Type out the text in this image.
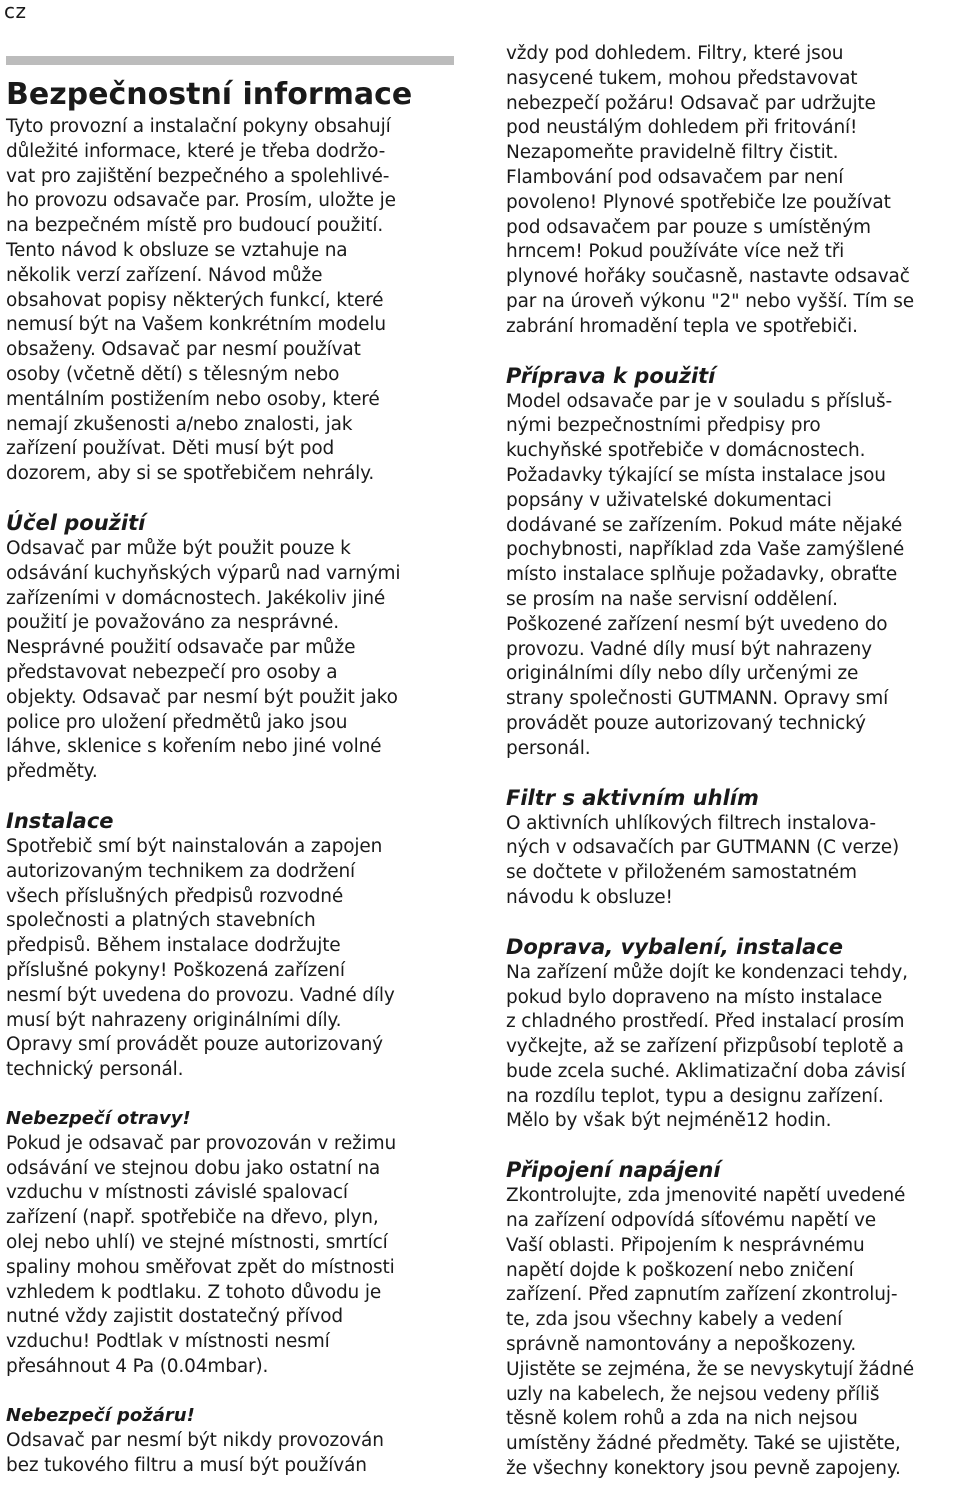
cz
Bezpečnostní informace

Tyto provozní a instalační pokyny obsahují
důležité informace, které je třeba dodržo-
vat pro zajištění bezpečného a spolehlivé-
ho provozu odsavače par. Prosím, uložte je
na bezpečném místě pro budoucí použití.
Tento návod k obsluze se vztahuje na
několik verzí zařízení. Návod může
obsahovat popisy některých funkcí, které
nemusí být na Vašem konkrétním modelu
obsaženy. Odsavač par nesmí používat
osoby (včetně dětí) s tělesným nebo
mentálním postižením nebo osoby, které
nemají zkušenosti a/nebo znalosti, jak
zařízení používat. Děti musí být pod
dozorem, aby si se spotřebičem nehrály.

Účel použití

Odsavač par může být použit pouze k
odsávání kuchyňských výparů nad varnými
zařízeními v domácnostech. Jakékoliv jiné
použití je považováno za nesprávné.
Nesprávné použití odsavače par může
představovat nebezpečí pro osoby a
objekty. Odsavač par nesmí být použit jako
police pro uložení předmětů jako jsou
láhve, sklenice s kořením nebo jiné volné
předměty.

Instalace

Spotřebič smí být nainstalován a zapojen
autorizovaným technikem za dodržení
všech příslušných předpisů rozvodné
společnosti a platných stavebních
předpisů. Během instalace dodržujte
příslušné pokyny! Poškozená zařízení
nesmí být uvedena do provozu. Vadné díly
musí být nahrazeny originálními díly.
Opravy smí provádět pouze autorizovaný
technický personál.

Nebezpečí otravy!

Pokud je odsavač par provozován v režimu
odsávání ve stejnou dobu jako ostatní na
vzduchu v místnosti závislé spalovací
zařízení (např. spotřebiče na dřevo, plyn,
olej nebo uhlí) ve stejné místnosti, smrtící
spaliny mohou směřovat zpět do místnosti
vzhledem k podtlaku. Z tohoto důvodu je
nutné vždy zajistit dostatečný přívod
vzduchu! Podtlak v místnosti nesmí
přesáhnout 4 Pa (0.04mbar).

Nebezpečí požáru!

Odsavač par nesmí být nikdy provozován
bez tukového filtru a musí být používán

vždy pod dohledem. Filtry, které jsou
nasycené tukem, mohou představovat
nebezpečí požáru! Odsavač par udržujte
pod neustálým dohledem při fritování!
Nezapomeňte pravidelně filtry čistit.
Flambování pod odsavačem par není
povoleno! Plynové spotřebiče lze používat
pod odsavačem par pouze s umístěným
hrncem! Pokud používáte více než tři
plynové hořáky současně, nastavte odsavač
par na úroveň výkonu "2" nebo vyšší. Tím se
zabrání hromadění tepla ve spotřebiči.

Příprava k použití

Model odsavače par je v souladu s přísluš-
nými bezpečnostními předpisy pro
kuchyňské spotřebiče v domácnostech.
Požadavky týkající se místa instalace jsou
popsány v uživatelské dokumentaci
dodávané se zařízením. Pokud máte nějaké
pochybnosti, například zda Vaše zamýšlené
místo instalace splňuje požadavky, obraťte
se prosím na naše servisní oddělení.
Poškozené zařízení nesmí být uvedeno do
provozu. Vadné díly musí být nahrazeny
originálními díly nebo díly určenými ze
strany společnosti GUTMANN. Opravy smí
provádět pouze autorizovaný technický
personál.

Filtr s aktivním uhlím

O aktivních uhlíkových filtrech instalova-
ných v odsavačích par GUTMANN (C verze)
se dočtete v přiloženém samostatném
návodu k obsluze!

Doprava, vybalení, instalace

Na zařízení může dojít ke kondenzaci tehdy,
pokud bylo dopraveno na místo instalace
z chladného prostředí. Před instalací prosím
vyčkejte, až se zařízení přizpůsobí teplotě a
bude zcela suché. Aklimatizační doba závisí
na rozdílu teplot, typu a designu zařízení.
Mělo by však být nejméně12 hodin.

Připojení napájení

Zkontrolujte, zda jmenovité napětí uvedené
na zařízení odpovídá síťovému napětí ve
Vaší oblasti. Připojením k nesprávnému
napětí dojde k poškození nebo zničení
zařízení. Před zapnutím zařízení zkontroluj-
te, zda jsou všechny kabely a vedení
správně namontovány a nepoškozeny.
Ujistěte se zejména, že se nevyskytují žádné
uzly na kabelech, že nejsou vedeny příliš
těsně kolem rohů a zda na nich nejsou
umístěny žádné předměty. Také se ujistěte,
že všechny konektory jsou pevně zapojeny.
